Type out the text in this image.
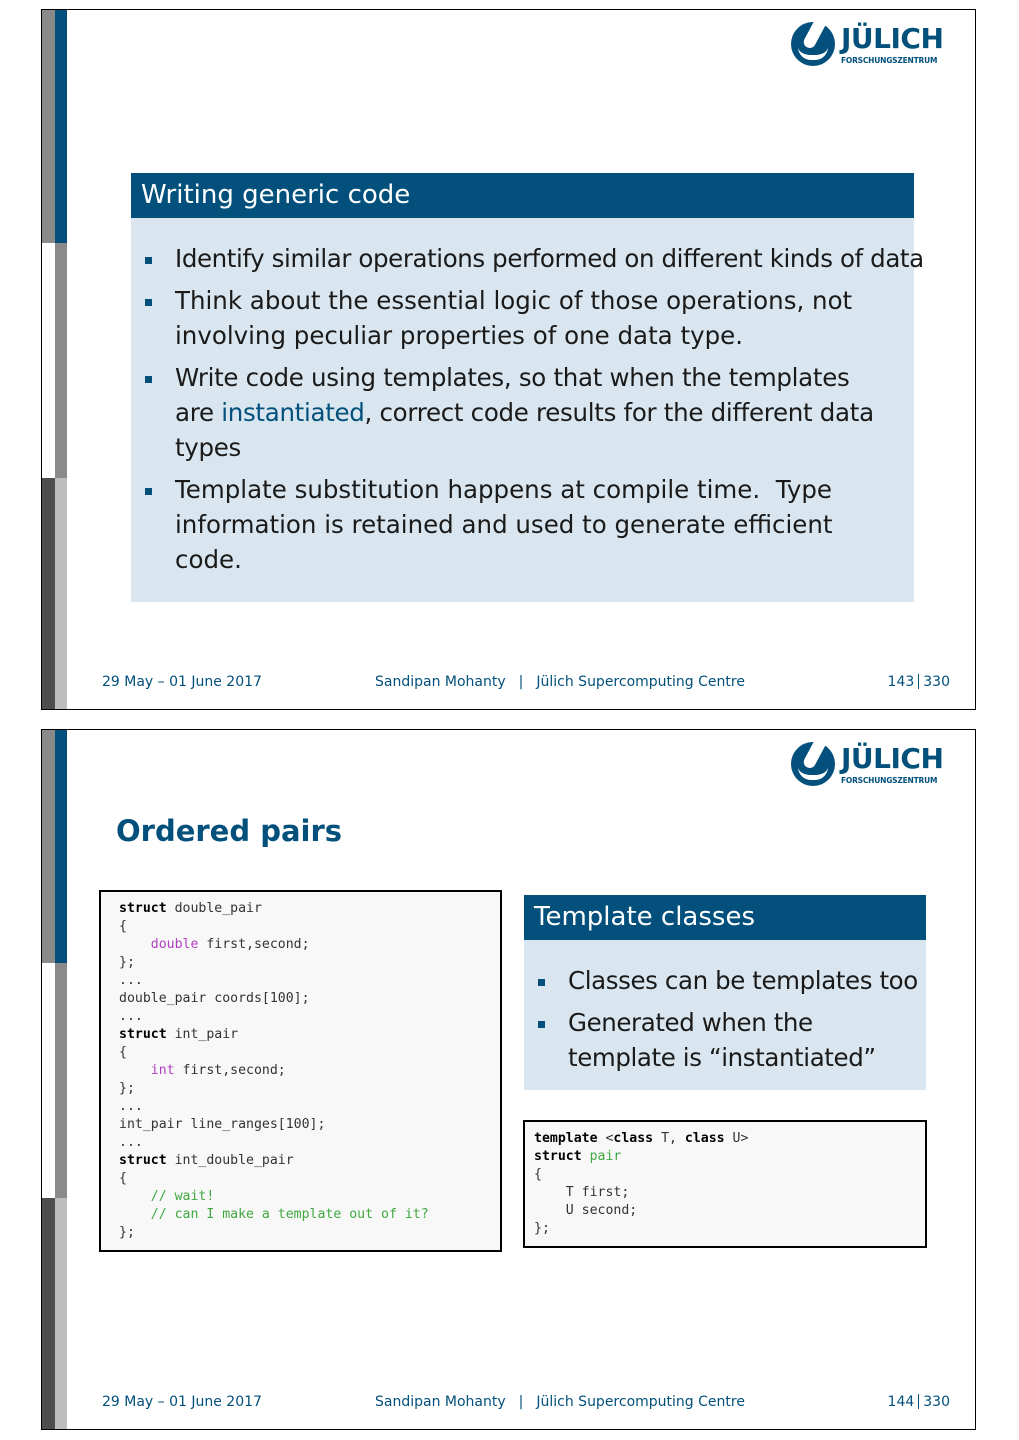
JÜLICH
FORSCHUNGSZENTRUM
Writing generic code
Identify similar operations performed on different kinds of data
Think about the essential logic of those operations, not involving peculiar properties of one data type.
Write code using templates, so that when the templates are instantiated, correct code results for the different data types
Template substitution happens at compile time.  Type information is retained and used to generate efficient code.
29 May – 01 June 2017	Sandipan Mohanty | Jülich Supercomputing Centre	143 330
JÜLICH
FORSCHUNGSZENTRUM
Ordered pairs
struct double_pair
{
double first,second;
};
...
double_pair coords[100];
...
struct int_pair
{
int first,second;
};
...
int_pair line_ranges[100];
...
struct int_double_pair
{
// wait!
// can I make a template out of it?
};
Template classes
Classes can be templates too
Generated when the template is “instantiated”
template <class T, class U>
struct pair
{
T first;
U second;
};
29 May – 01 June 2017	Sandipan Mohanty | Jülich Supercomputing Centre	144 330
